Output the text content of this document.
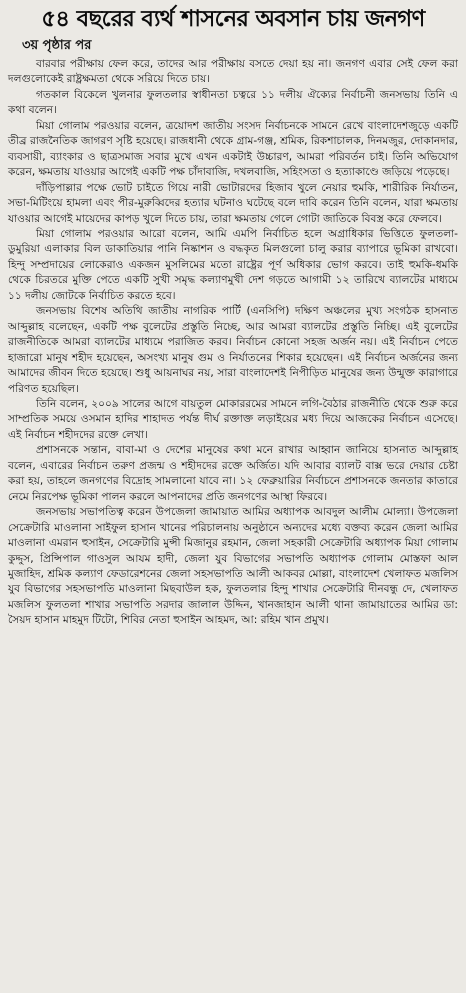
৫৪ বছরের ব্যর্থ শাসনের অবসান চায় জনগণ
৩য় পৃষ্ঠার পর

বারবার পরীক্ষায় ফেল করে, তাদের আর পরীক্ষায় বসতে দেয়া হয় না। জনগণ এবার সেই ফেল করা দলগুলোকেই রাষ্ট্রক্ষমতা থেকে সরিয়ে দিতে চায়।

গতকাল বিকেলে খুলনার ফুলতলার স্বাধীনতা চত্বরে ১১ দলীয় ঐক্যের নির্বাচনী জনসভায় তিনি এ কথা বলেন।

মিয়া গোলাম পরওয়ার বলেন, ত্রয়োদশ জাতীয় সংসদ নির্বাচনকে সামনে রেখে বাংলাদেশজুড়ে একটি তীব্র রাজনৈতিক জাগরণ সৃষ্টি হয়েছে। রাজধানী থেকে গ্রাম-গঞ্জ, শ্রমিক, রিকশাচালক, দিনমজুর, দোকানদার, ব্যবসায়ী, ব্যাংকার ও ছাত্রসমাজ সবার মুখে এখন একটাই উচ্চারণ, আমরা পরিবর্তন চাই। তিনি অভিযোগ করেন, ক্ষমতায় যাওয়ার আগেই একটি পক্ষ চাঁদাবাজি, দখলবাজি, সহিংসতা ও হত্যাকাণ্ডে জড়িয়ে পড়েছে।

দাঁড়িপাল্লার পক্ষে ভোট চাইতে গিয়ে নারী ভোটারদের হিজাব খুলে নেয়ার হুমকি, শারীরিক নির্যাতন, সভা-মিটিংয়ে হামলা এবং পীর-মুরুব্বিদের হত্যার ঘটনাও ঘটেছে বলে দাবি করেন তিনি বলেন, যারা ক্ষমতায় যাওয়ার আগেই মায়েদের কাপড় খুলে দিতে চায়, তারা ক্ষমতায় গেলে গোটা জাতিকে বিবস্ত্র করে ফেলবে।

মিয়া গোলাম পরওয়ার আরো বলেন, আমি এমপি নির্বাচিত হলে অগ্রাধিকার ভিত্তিতে ফুলতলা-ডুমুরিয়া এলাকার বিল ডাকাতিয়ার পানি নিষ্কাশন ও বদ্ধকৃত মিলগুলো চালু করার ব্যাপারে ভূমিকা রাখবো। হিন্দু সম্প্রদায়ের লোকেরাও একজন মুসলিমের মতো রাষ্ট্রের পূর্ণ অধিকার ভোগ করবে। তাই হুমকি-ধমকি থেকে চিরতরে মুক্তি পেতে একটি সুখী সমৃদ্ধ কল্যাণমুখী দেশ গড়তে আগামী ১২ তারিখে ব্যালটের মাধ্যমে ১১ দলীয় জোটকে নির্বাচিত করতে হবে।

জনসভায় বিশেষ অতিথি জাতীয় নাগরিক পার্টি (এনসিপি) দক্ষিণ অঞ্চলের মুখ্য সংগঠক হাসনাত আব্দুল্লাহ বলেছেন, একটি পক্ষ বুলেটের প্রস্তুতি নিচ্ছে, আর আমরা ব্যালটের প্রস্তুতি নিচ্ছি। এই বুলেটের রাজনীতিকে আমরা ব্যালটের মাধ্যমে পরাজিত করব। নির্বাচন কোনো সহজ অর্জন নয়। এই নির্বাচন পেতে হাজারো মানুষ শহীদ হয়েছেন, অসংখ্য মানুষ গুম ও নির্যাতনের শিকার হয়েছেন। এই নির্বাচন অর্জনের জন্য আমাদের জীবন দিতে হয়েছে। শুধু আয়নাঘর নয়, সারা বাংলাদেশই নিপীড়িত মানুষের জন্য উন্মুক্ত কারাগারে পরিণত হয়েছিল।

তিনি বলেন, ২০০৯ সালের আগে বায়তুল মোকাররমের সামনে লগি-বৈঠার রাজনীতি থেকে শুরু করে সাম্প্রতিক সময়ে ওসমান হাদির শাহাদত পর্যন্ত দীর্ঘ রক্তাক্ত লড়াইয়ের মধ্য দিয়ে আজকের নির্বাচন এসেছে। এই নির্বাচন শহীদদের রক্তে লেখা।

প্রশাসনকে সন্তান, বাবা-মা ও দেশের মানুষের কথা মনে রাখার আহ্বান জানিয়ে হাসনাত আব্দুল্লাহ বলেন, এবারের নির্বাচন তরুণ প্রজন্ম ও শহীদদের রক্তে অর্জিত। যদি আবার ব্যালট বাক্স ভরে দেয়ার চেষ্টা করা হয়, তাহলে জনগণের বিদ্রোহ সামলানো যাবে না। ১২ ফেব্রুয়ারির নির্বাচনে প্রশাসনকে জনতার কাতারে নেমে নিরপেক্ষ ভূমিকা পালন করলে আপনাদের প্রতি জনগণের আস্থা ফিরবে।

জনসভায় সভাপতিত্ব করেন উপজেলা জামায়াত আমির অধ্যাপক আবদুল আলীম মোল্যা। উপজেলা সেক্রেটারি মাওলানা সাইফুল হাসান খানের পরিচালনায় অনুষ্ঠানে অন্যদের মধ্যে বক্তব্য করেন জেলা আমির মাওলানা এমরান হুসাইন, সেক্রেটারি মুন্সী মিজানুর রহমান, জেলা সহকারী সেক্রেটারি অধ্যাপক মিয়া গোলাম কুদ্দুস, প্রিন্সিপাল গাওসুল আযম হাদী, জেলা যুব বিভাগের সভাপতি অধ্যাপক গোলাম মোস্তফা আল মুজাহিদ, শ্রমিক কল্যাণ ফেডারেশনের জেলা সহসভাপতি আলী আকবর মোল্লা, বাংলাদেশ খেলাফত মজলিস যুব বিভাগের সহসভাপতি মাওলানা মিছবাউল হক, ফুলতলার হিন্দু শাখার সেক্রেটারি দীনবন্ধু দে, খেলাফত মজলিস ফুলতলা শাখার সভাপতি সরদার জালাল উদ্দিন, খানজাহান আলী থানা জামায়াতের আমির ডা: সৈয়দ হাসান মাহমুদ টিটো, শিবির নেতা হুসাইন আহমদ, আ: রহিম খান প্রমুখ।
